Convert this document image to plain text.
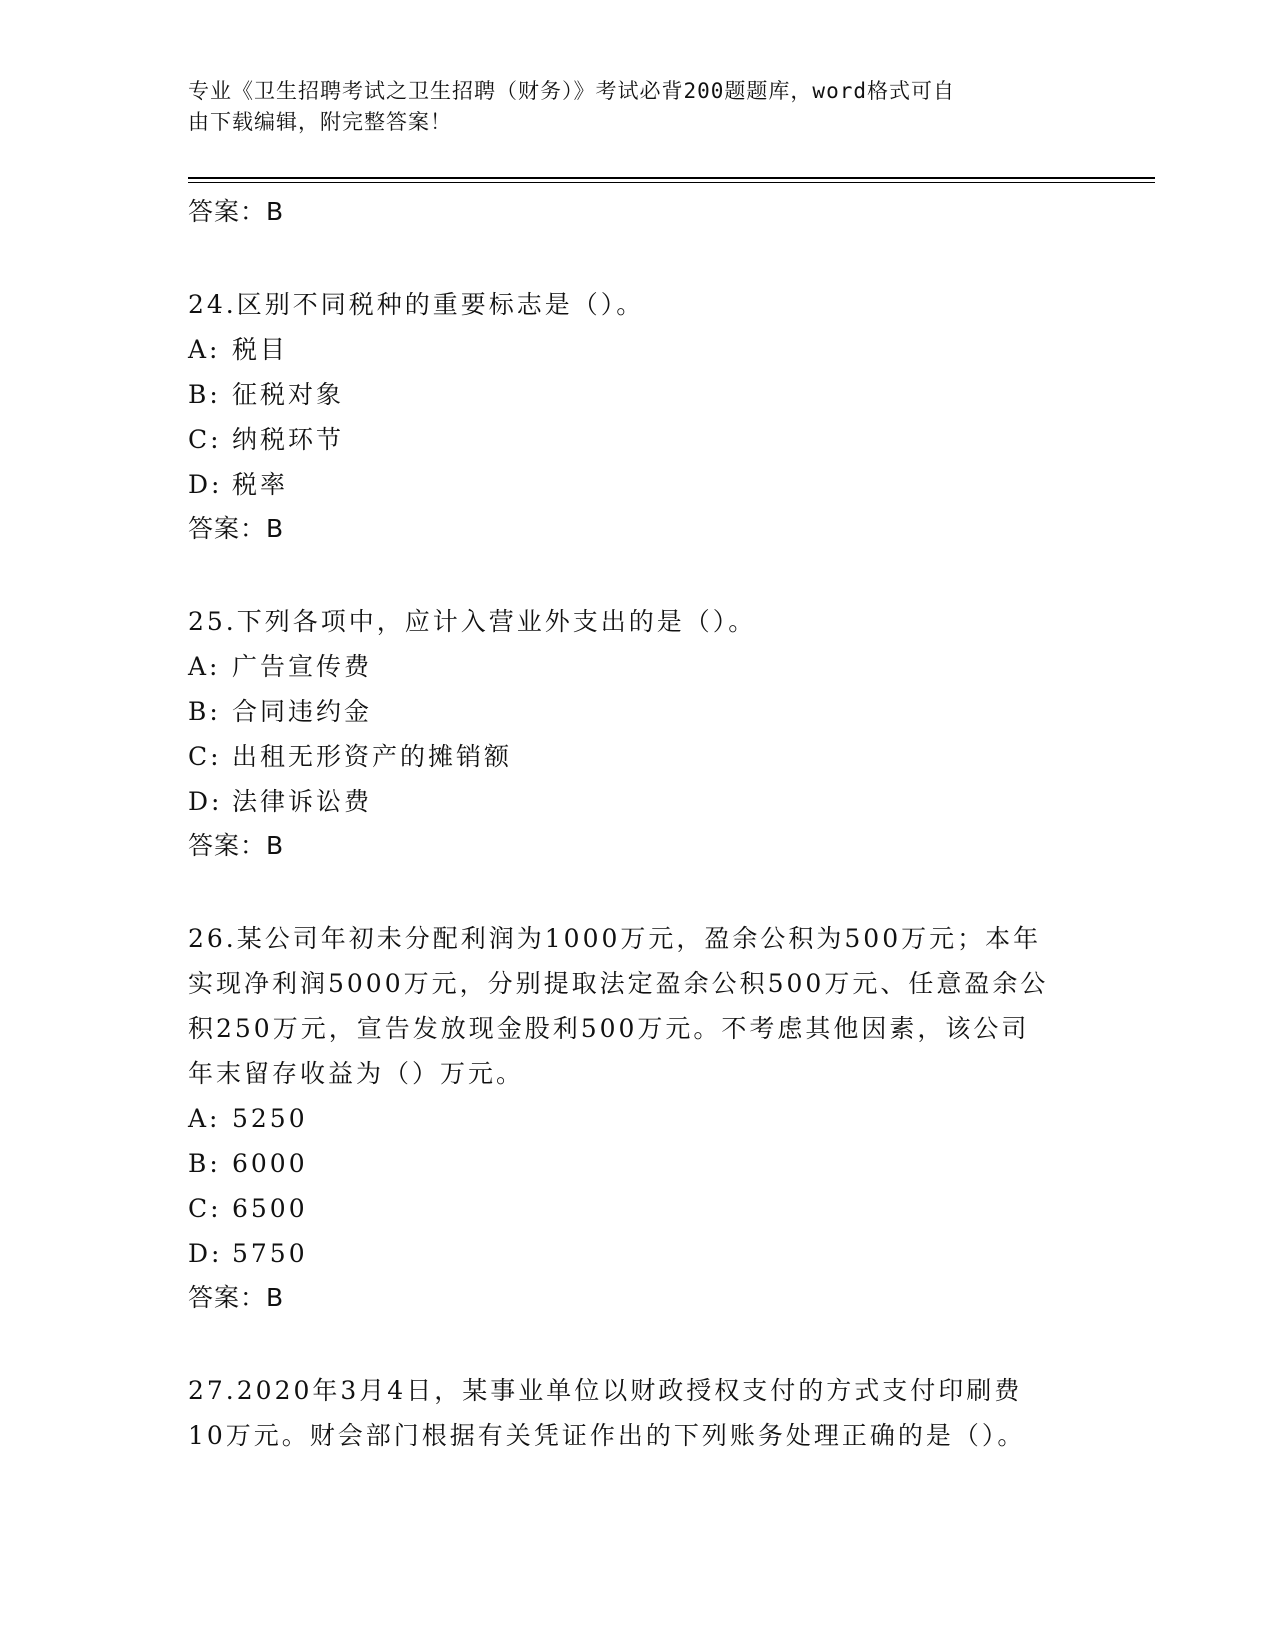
专业《卫生招聘考试之卫生招聘（财务）》考试必背200题题库，word格式可自
由下载编辑，附完整答案！
答案：B

24.区别不同税种的重要标志是（）。

A: 税目
B: 征税对象
C: 纳税环节
D: 税率
答案：B

25.下列各项中，应计入营业外支出的是（）。

A: 广告宣传费
B: 合同违约金
C: 出租无形资产的摊销额
D: 法律诉讼费
答案：B
26.某公司年初未分配利润为1000万元，盈余公积为500万元；本年
实现净利润5000万元，分别提取法定盈余公积500万元、任意盈余公
积250万元，宣告发放现金股利500万元。不考虑其他因素，该公司
年末留存收益为（）万元。
A: 5250
B: 6000
C: 6500
D: 5750
答案：B
27.2020年3月4日，某事业单位以财政授权支付的方式支付印刷费
10万元。财会部门根据有关凭证作出的下列账务处理正确的是（）。
